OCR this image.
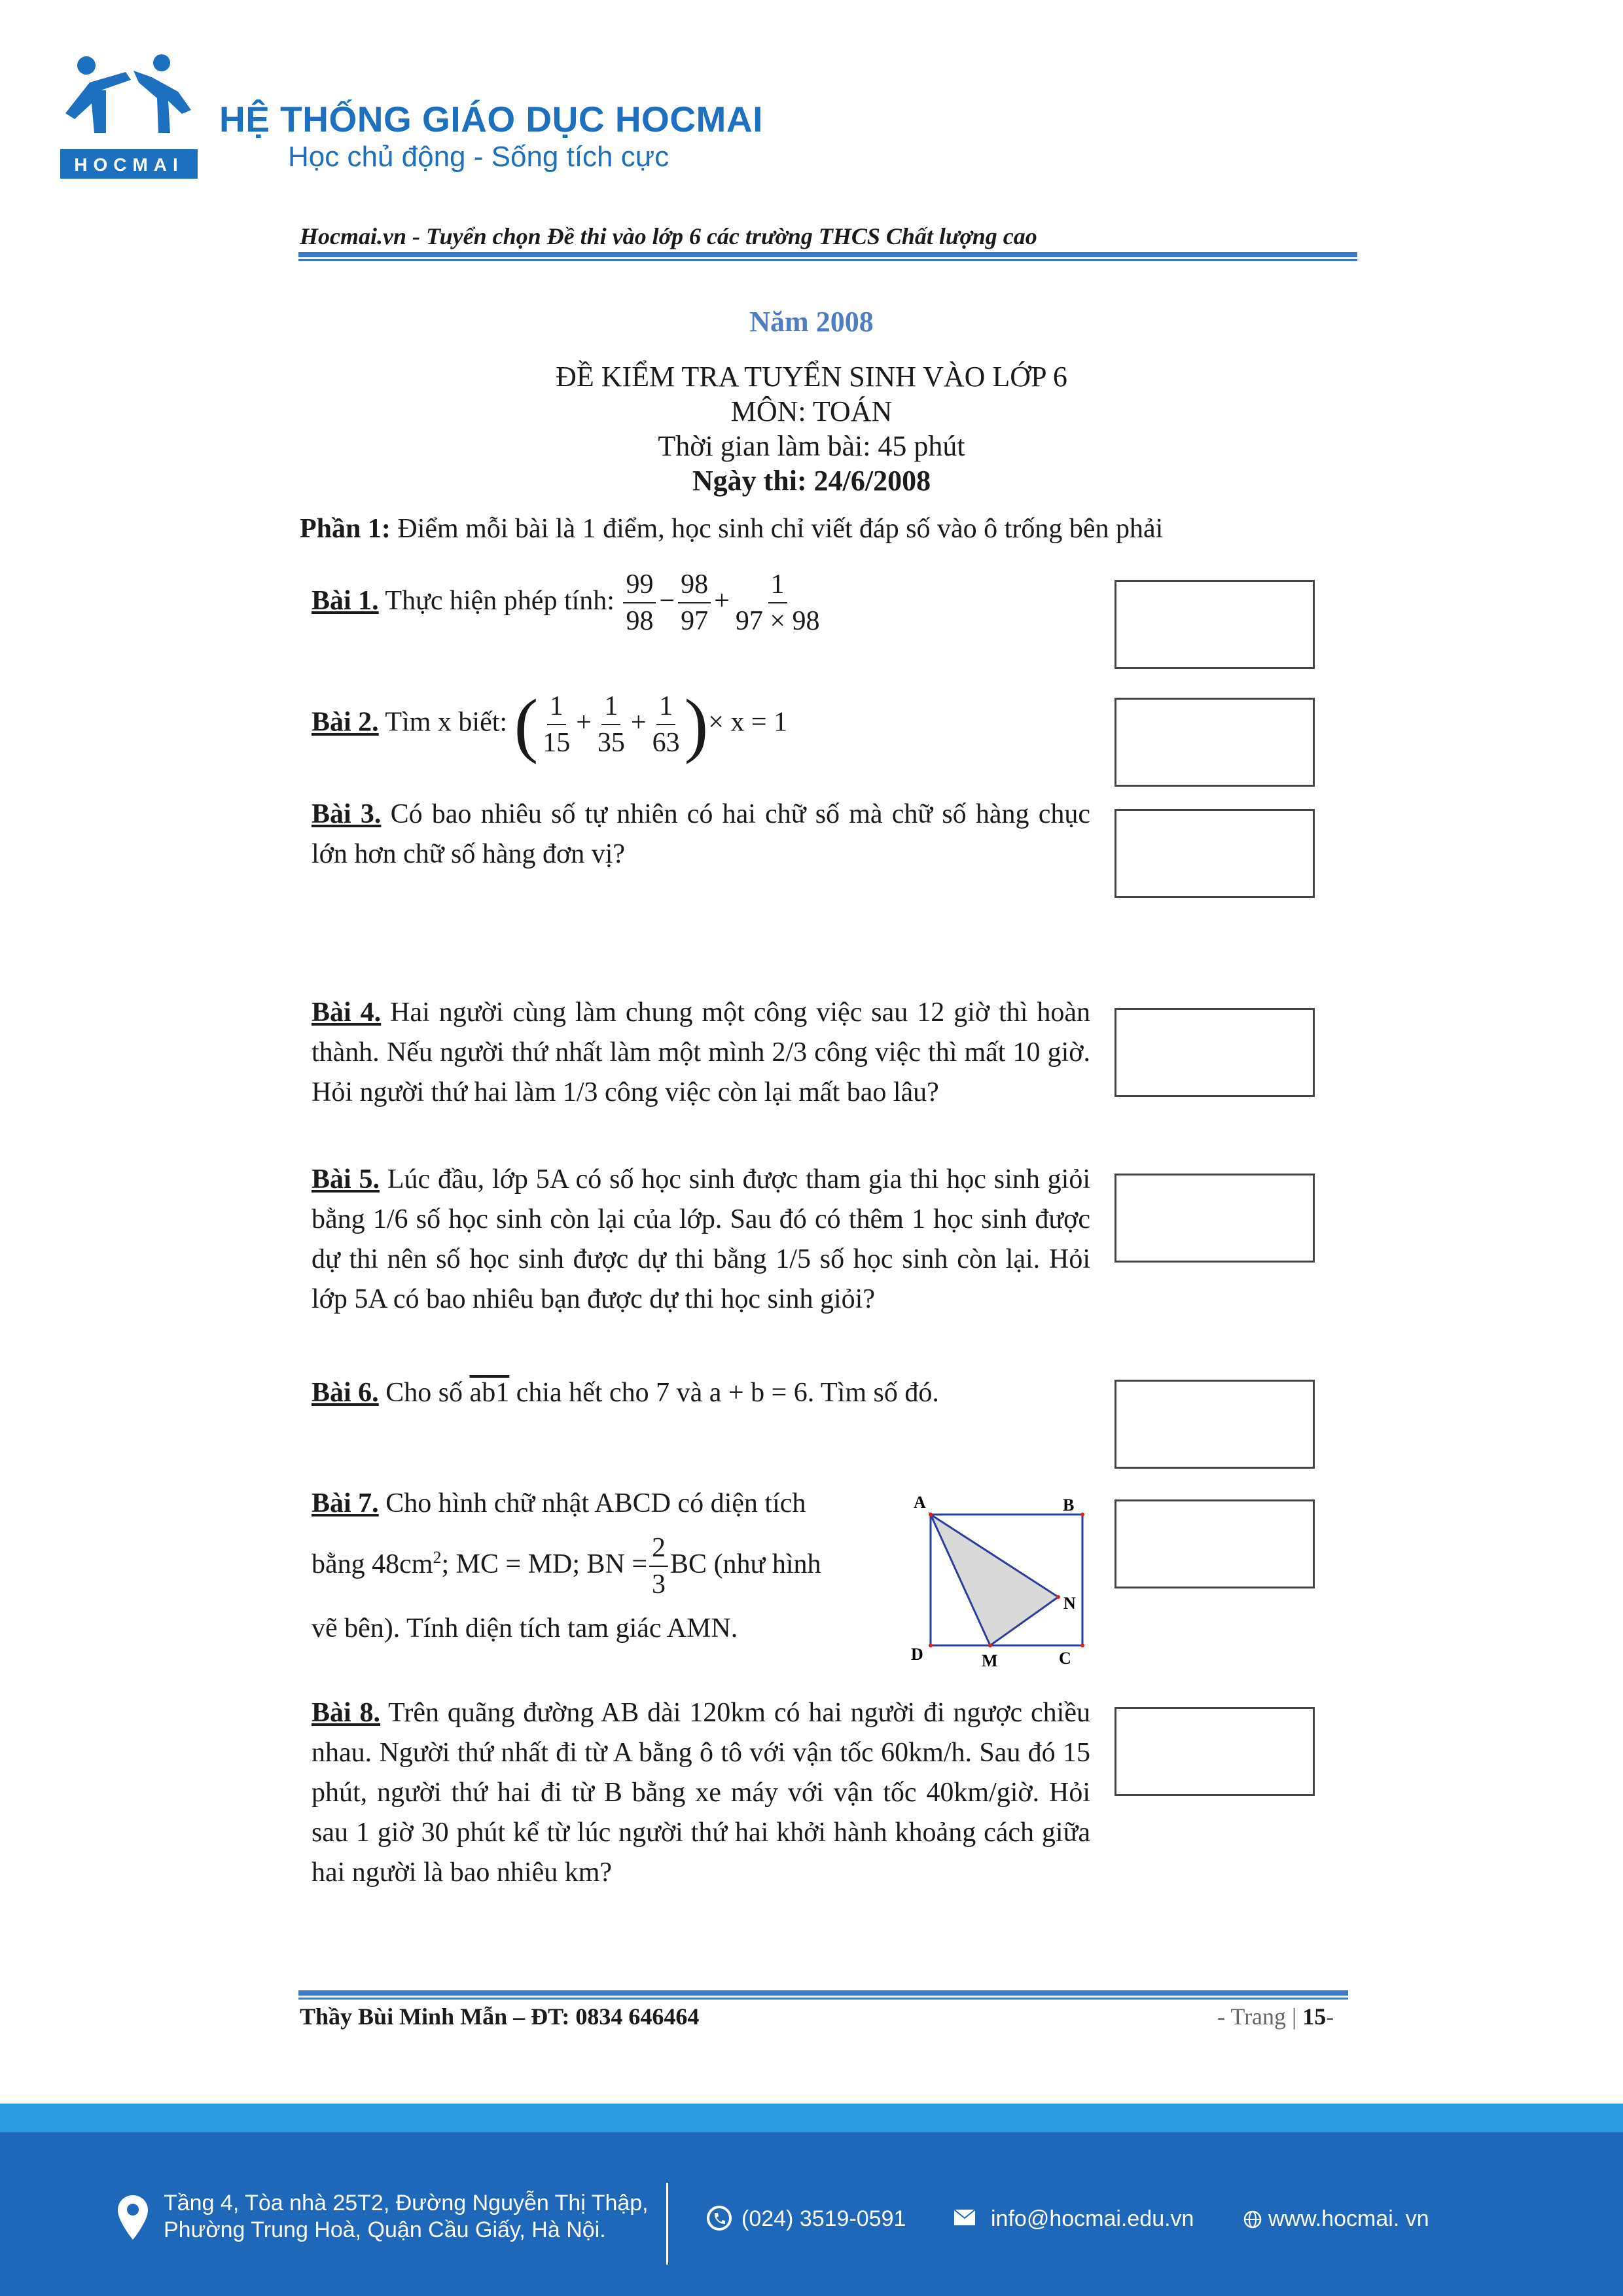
HOCMAI
HỆ THỐNG GIÁO DỤC HOCMAI
Học chủ động - Sống tích cực
Hocmai.vn - Tuyển chọn Đề thi vào lớp 6 các trường THCS Chất lượng cao
Năm 2008
ĐỀ KIỂM TRA TUYỂN SINH VÀO LỚP 6
MÔN: TOÁN
Thời gian làm bài: 45 phút
Ngày thi: 24/6/2008
Phần 1: Điểm mỗi bài là 1 điểm, học sinh chỉ viết đáp số vào ô trống bên phải
Bài 1. Thực hiện phép tính: $\frac{99}{98} - \frac{98}{97} + \frac{1}{97 \times 98}$
Bài 2. Tìm x biết: ( $\frac{1}{15} + \frac{1}{35} + \frac{1}{63}$ )× x = 1
Bài 3. Có bao nhiêu số tự nhiên có hai chữ số mà chữ số hàng chục lớn hơn chữ số hàng đơn vị?
Bài 4. Hai người cùng làm chung một công việc sau 12 giờ thì hoàn thành. Nếu người thứ nhất làm một mình 2/3 công việc thì mất 10 giờ. Hỏi người thứ hai làm 1/3 công việc còn lại mất bao lâu?
Bài 5. Lúc đầu, lớp 5A có số học sinh được tham gia thi học sinh giỏi bằng 1/6 số học sinh còn lại của lớp. Sau đó có thêm 1 học sinh được dự thi nên số học sinh được dự thi bằng 1/5 số học sinh còn lại. Hỏi lớp 5A có bao nhiêu bạn được dự thi học sinh giỏi?
Bài 6. Cho số ab1 chia hết cho 7 và a + b = 6. Tìm số đó.
Bài 7. Cho hình chữ nhật ABCD có diện tích
bằng $48cm^2$; MC = MD; BN = $\frac{2}{3}$ BC (như hình
vẽ bên). Tính diện tích tam giác AMN.
A	B
N
D	M	C
Bài 8. Trên quãng đường AB dài 120km có hai người đi ngược chiều nhau. Người thứ nhất đi từ A bằng ô tô với vận tốc 60km/h. Sau đó 15 phút, người thứ hai đi từ B bằng xe máy với vận tốc 40km/giờ. Hỏi sau 1 giờ 30 phút kể từ lúc người thứ hai khởi hành khoảng cách giữa hai người là bao nhiêu km?
Thầy Bùi Minh Mẫn – ĐT: 0834 646464	- Trang | 15-
Tầng 4, Tòa nhà 25T2, Đường Nguyễn Thị Thập,
Phường Trung Hoà, Quận Cầu Giấy, Hà Nội.	(024) 3519-0591	info@hocmai.edu.vn	www.hocmai. vn
